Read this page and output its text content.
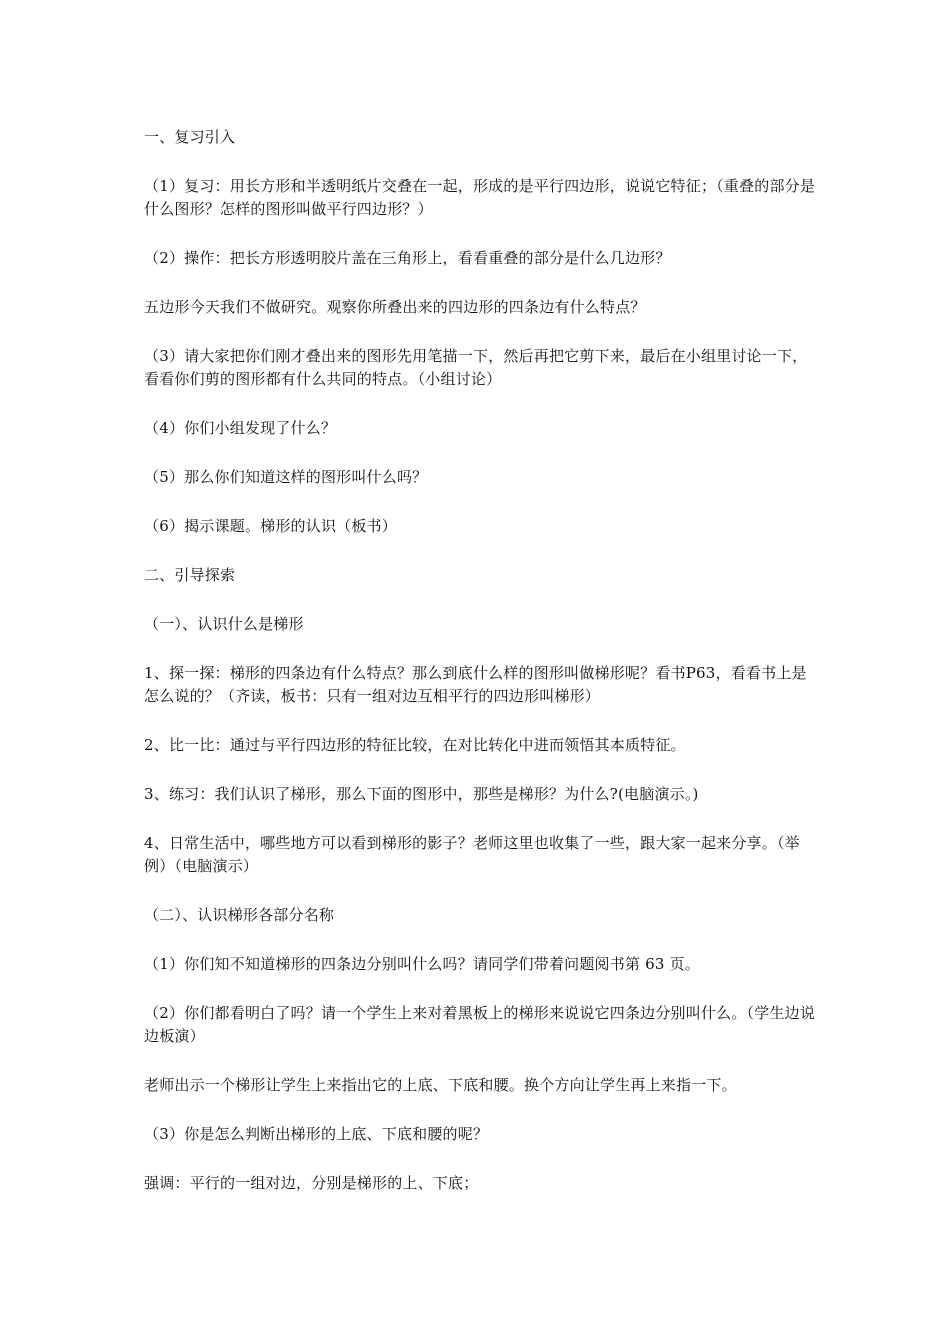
一、复习引入

（1）复习：用长方形和半透明纸片交叠在一起，形成的是平行四边形，说说它特征；（重叠的部分是什么图形？怎样的图形叫做平行四边形？）

（2）操作：把长方形透明胶片盖在三角形上，看看重叠的部分是什么几边形？

五边形今天我们不做研究。观察你所叠出来的四边形的四条边有什么特点？

（3）请大家把你们刚才叠出来的图形先用笔描一下，然后再把它剪下来，最后在小组里讨论一下，看看你们剪的图形都有什么共同的特点。（小组讨论）

（4）你们小组发现了什么？

（5）那么你们知道这样的图形叫什么吗？

（6）揭示课题。梯形的认识（板书）

二、引导探索

（一）、认识什么是梯形

1、探一探：梯形的四条边有什么特点？那么到底什么样的图形叫做梯形呢？看书P63，看看书上是怎么说的？（齐读，板书：只有一组对边互相平行的四边形叫梯形）

2、比一比：通过与平行四边形的特征比较，在对比转化中进而领悟其本质特征。

3、练习：我们认识了梯形，那么下面的图形中，那些是梯形？为什么?(电脑演示。)

4、日常生活中，哪些地方可以看到梯形的影子？老师这里也收集了一些，跟大家一起来分享。（举例）（电脑演示）

（二）、认识梯形各部分名称

（1）你们知不知道梯形的四条边分别叫什么吗？请同学们带着问题阅书第 63 页。

（2）你们都看明白了吗？请一个学生上来对着黑板上的梯形来说说它四条边分别叫什么。（学生边说边板演）

老师出示一个梯形让学生上来指出它的上底、下底和腰。换个方向让学生再上来指一下。

（3）你是怎么判断出梯形的上底、下底和腰的呢？

强调：平行的一组对边，分别是梯形的上、下底；
